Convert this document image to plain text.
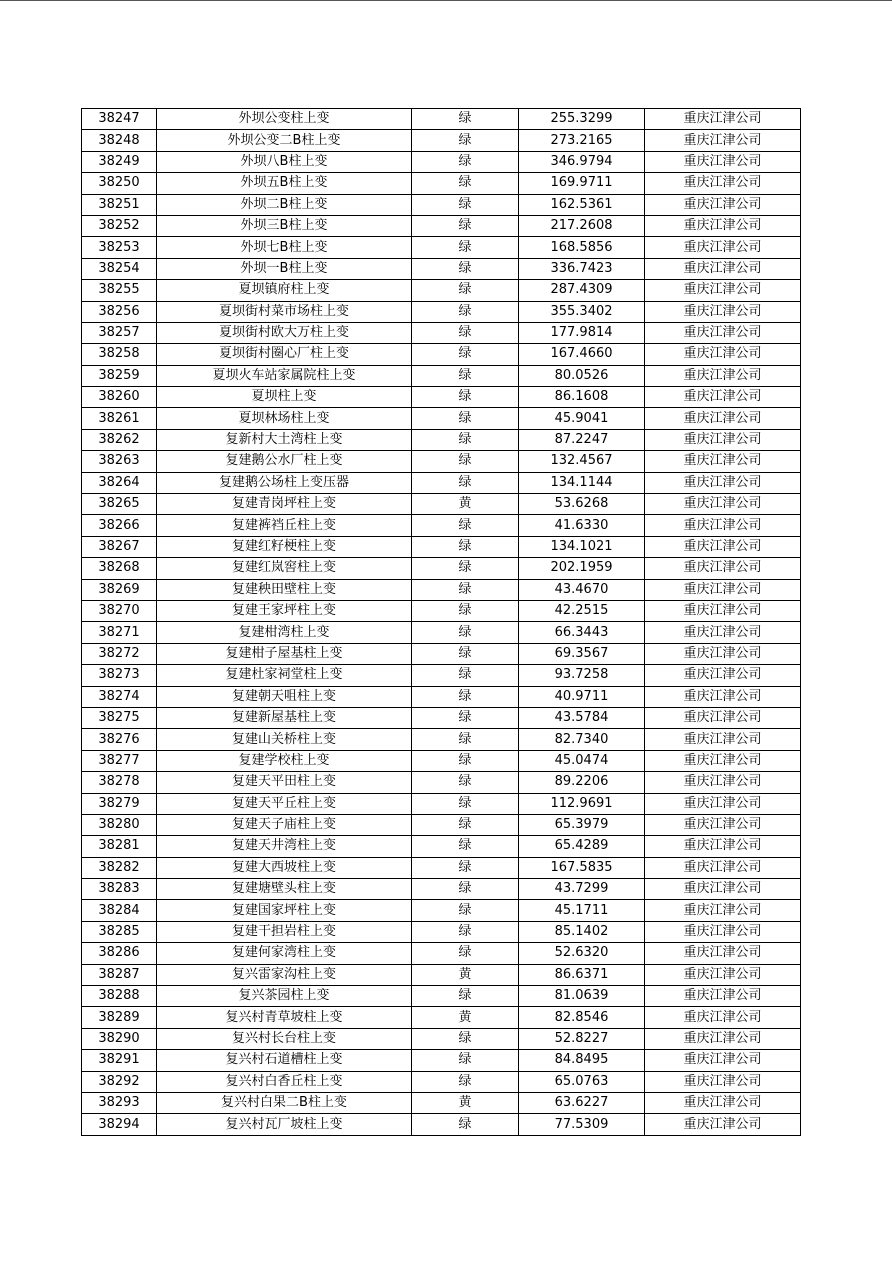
38247	外坝公变柱上变	绿	255.3299	重庆江津公司
38248	外坝公变二B柱上变	绿	273.2165	重庆江津公司
38249	外坝八B柱上变	绿	346.9794	重庆江津公司
38250	外坝五B柱上变	绿	169.9711	重庆江津公司
38251	外坝二B柱上变	绿	162.5361	重庆江津公司
38252	外坝三B柱上变	绿	217.2608	重庆江津公司
38253	外坝七B柱上变	绿	168.5856	重庆江津公司
38254	外坝一B柱上变	绿	336.7423	重庆江津公司
38255	夏坝镇府柱上变	绿	287.4309	重庆江津公司
38256	夏坝街村菜市场柱上变	绿	355.3402	重庆江津公司
38257	夏坝街村欧大万柱上变	绿	177.9814	重庆江津公司
38258	夏坝街村圈心厂柱上变	绿	167.4660	重庆江津公司
38259	夏坝火车站家属院柱上变	绿	80.0526	重庆江津公司
38260	夏坝柱上变	绿	86.1608	重庆江津公司
38261	夏坝林场柱上变	绿	45.9041	重庆江津公司
38262	复新村大土湾柱上变	绿	87.2247	重庆江津公司
38263	复建鹅公水厂柱上变	绿	132.4567	重庆江津公司
38264	复建鹅公场柱上变压器	绿	134.1144	重庆江津公司
38265	复建青岗坪柱上变	黄	53.6268	重庆江津公司
38266	复建裤裆丘柱上变	绿	41.6330	重庆江津公司
38267	复建红籽梗柱上变	绿	134.1021	重庆江津公司
38268	复建红岚窖柱上变	绿	202.1959	重庆江津公司
38269	复建秧田壁柱上变	绿	43.4670	重庆江津公司
38270	复建王家坪柱上变	绿	42.2515	重庆江津公司
38271	复建柑湾柱上变	绿	66.3443	重庆江津公司
38272	复建柑子屋基柱上变	绿	69.3567	重庆江津公司
38273	复建杜家祠堂柱上变	绿	93.7258	重庆江津公司
38274	复建朝天咀柱上变	绿	40.9711	重庆江津公司
38275	复建新屋基柱上变	绿	43.5784	重庆江津公司
38276	复建山关桥柱上变	绿	82.7340	重庆江津公司
38277	复建学校柱上变	绿	45.0474	重庆江津公司
38278	复建天平田柱上变	绿	89.2206	重庆江津公司
38279	复建天平丘柱上变	绿	112.9691	重庆江津公司
38280	复建天子庙柱上变	绿	65.3979	重庆江津公司
38281	复建天井湾柱上变	绿	65.4289	重庆江津公司
38282	复建大西坡柱上变	绿	167.5835	重庆江津公司
38283	复建塘壁头柱上变	绿	43.7299	重庆江津公司
38284	复建国家坪柱上变	绿	45.1711	重庆江津公司
38285	复建干担岩柱上变	绿	85.1402	重庆江津公司
38286	复建何家湾柱上变	绿	52.6320	重庆江津公司
38287	复兴雷家沟柱上变	黄	86.6371	重庆江津公司
38288	复兴茶园柱上变	绿	81.0639	重庆江津公司
38289	复兴村青草坡柱上变	黄	82.8546	重庆江津公司
38290	复兴村长台柱上变	绿	52.8227	重庆江津公司
38291	复兴村石道槽柱上变	绿	84.8495	重庆江津公司
38292	复兴村白香丘柱上变	绿	65.0763	重庆江津公司
38293	复兴村白果二B柱上变	黄	63.6227	重庆江津公司
38294	复兴村瓦厂坡柱上变	绿	77.5309	重庆江津公司
